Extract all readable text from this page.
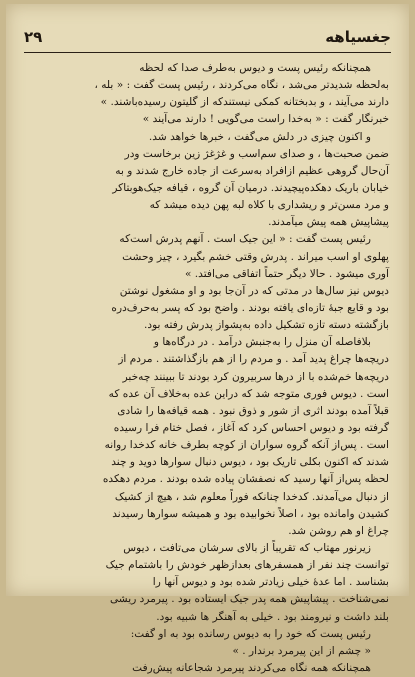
۲۹	جغسیاهه
همچنانکه رئیس پست و دیوس به‌طرف صدا که لحظه
به‌لحظه شدیدتر می‌شد ، نگاه می‌کردند ، رئیس پست گفت : « بله ،
دارند می‌آیند ، و بدبختانه کمکی نیستندکه از گلیتون رسیده‌باشند. »
خبرنگار گفت : « به‌خدا راست می‌گویی ! دارند می‌آیند »
و اکنون چیزی در دلش می‌گفت ، خبرها خواهد شد.
ضمن صحبت‌ها ، و صدای سم‌اسب و غژغژ زین برخاست ودر
آن‌حال گروهی عظیم ازافراد به‌سرعت از جاده خارج شدند و به
خیابان باریک دهکده‌پیچیدند. درمیان آن گروه ، قیافه جیک‌هوبتاکر
و مرد مسن‌تر و ریشداری با کلاه لبه پهن دیده میشد که
پیشاپیش همه پیش میآمدند.
رئیس پست گفت : « این جیک است . آنهم پدرش است‌که
پهلوی او اسب میراند . پدرش وقتی خشم بگیرد ، چیز وحشت
آوری میشود . حالا دیگر حتماً اتفاقی می‌افتد. »
دیوس نیز سال‌ها در مدتی که در آن‌جا بود و او مشغول نوشتن
بود و قایع جبهٔ تازه‌ای یافته بودند . واضح بود که پسر به‌حرف‌دره
بازگشته دسته تازه تشکیل داده به‌پشواز پدرش رفته بود.
بلافاصله آن منزل را به‌جنبش درآمد . در درگاه‌ها و
دریچه‌ها چراغ پدید آمد . و مردم را از هم بازگذاشتند . مردم از
دریچه‌ها خم‌شده با از درها سربیرون کرد بودند تا ببینند چه‌خبر
است . دیوس فوری متوجه شد که دراین عده به‌خلاف آن عده که
قبلاً آمده بودند اثری از شور و ذوق نبود . همه قیافه‌ها را شادی
گرفته بود و دیوس احساس کرد که آغاز ، فصل ختام فرا رسیده
است . پس‌از آنکه گروه سواران از کوچه بطرف خانه کدخدا روانه
شدند که اکنون بکلی تاریک بود ، دیوس دنبال سوارها دوید و چند
لحظه پس‌از آنها رسید که نصفشان پیاده شده بودند . مردم دهکده
از دنبال می‌آمدند. کدخدا چنانکه فوراً معلوم شد ، هیچ از کشیک
کشیدن وامانده بود ، اصلاً نخوابیده بود و همیشه سوارها رسیدند
چراغ او هم روشن شد.
زیرنور مهتاب که تقریباً از بالای سرشان می‌تافت ، دیوس
توانست چند نفر از همسفرهای بعدازظهر خودش را باشتمام جیک
بشناسد . اما عدهٔ خیلی زیادتر شده بود و دیوس آنها را
نمی‌شناخت . پیشاپیش همه پدر جیک ایستاده بود . پیرمرد ریشی
بلند داشت و نیرومند بود . خیلی به آهنگر ها شبیه بود.
رئیس پست که خود را به دیوس رسانده بود به او گفت:
« چشم از این پیرمرد برندار . »
همچنانکه همه نگاه می‌کردند پیرمرد شجاعانه پیش‌رفت
